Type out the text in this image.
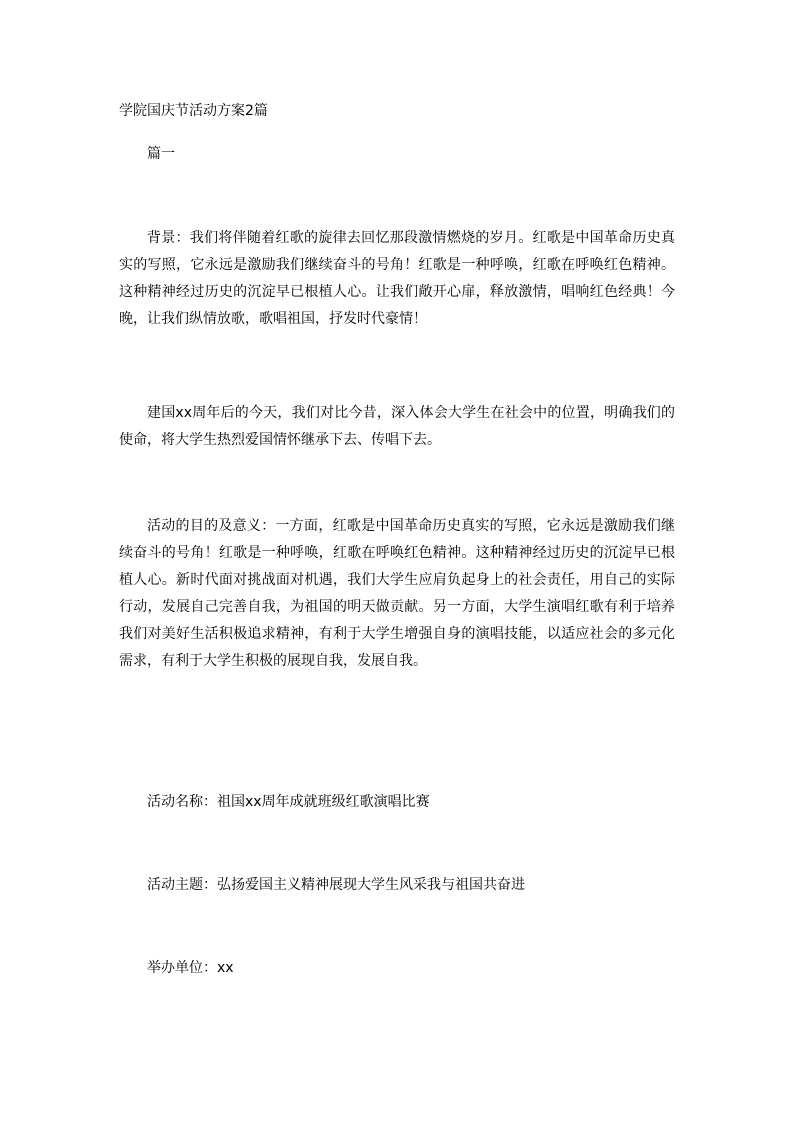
学院国庆节活动方案2篇
篇一
背景：我们将伴随着红歌的旋律去回忆那段激情燃烧的岁月。红歌是中国革命历史真实的写照，它永远是激励我们继续奋斗的号角！红歌是一种呼唤，红歌在呼唤红色精神。这种精神经过历史的沉淀早已根植人心。让我们敞开心扉，释放激情，唱响红色经典！今晚，让我们纵情放歌，歌唱祖国，抒发时代豪情！
建国xx周年后的今天，我们对比今昔，深入体会大学生在社会中的位置，明确我们的使命，将大学生热烈爱国情怀继承下去、传唱下去。
活动的目的及意义：一方面，红歌是中国革命历史真实的写照，它永远是激励我们继续奋斗的号角！红歌是一种呼唤，红歌在呼唤红色精神。这种精神经过历史的沉淀早已根植人心。新时代面对挑战面对机遇，我们大学生应肩负起身上的社会责任，用自己的实际行动，发展自己完善自我，为祖国的明天做贡献。另一方面，大学生演唱红歌有利于培养我们对美好生活积极追求精神，有利于大学生增强自身的演唱技能，以适应社会的多元化需求，有利于大学生积极的展现自我，发展自我。
活动名称：祖国xx周年成就班级红歌演唱比赛
活动主题：弘扬爱国主义精神展现大学生风采我与祖国共奋进
举办单位：xx
